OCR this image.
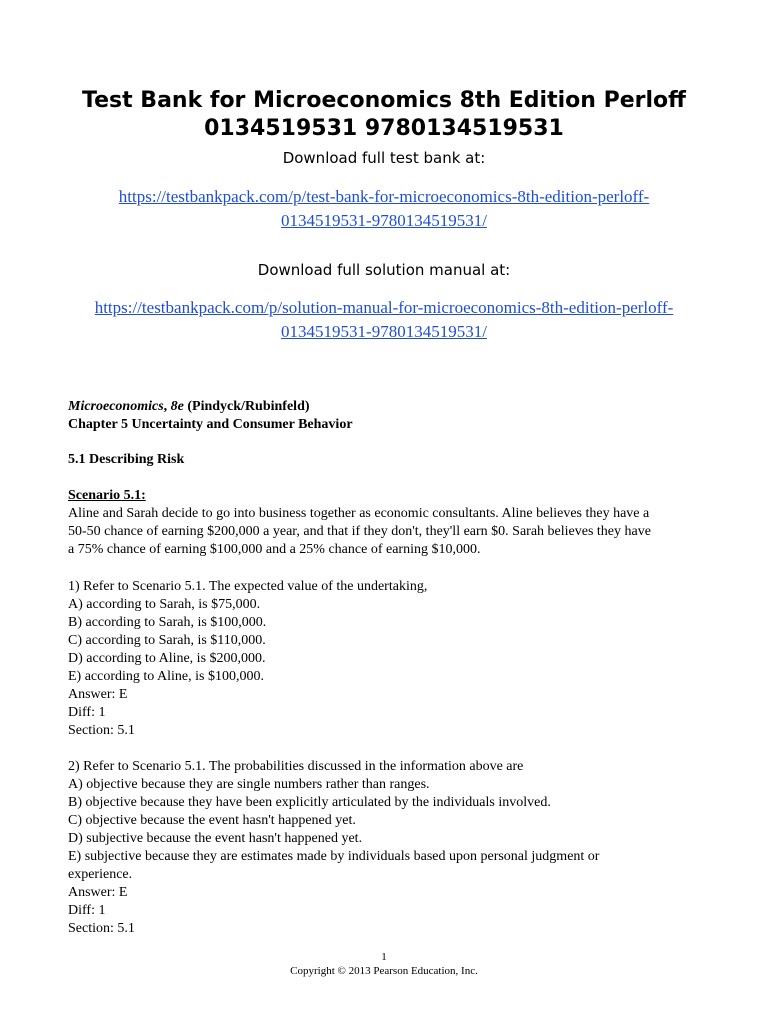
Test Bank for Microeconomics 8th Edition Perloff
0134519531 9780134519531
Download full test bank at:
https://testbankpack.com/p/test-bank-for-microeconomics-8th-edition-perloff-
0134519531-9780134519531/
Download full solution manual at:
https://testbankpack.com/p/solution-manual-for-microeconomics-8th-edition-perloff-
0134519531-9780134519531/
Microeconomics, 8e (Pindyck/Rubinfeld)
Chapter 5 Uncertainty and Consumer Behavior
5.1 Describing Risk
Scenario 5.1:
Aline and Sarah decide to go into business together as economic consultants. Aline believes they have a
50-50 chance of earning $200,000 a year, and that if they don't, they'll earn $0. Sarah believes they have
a 75% chance of earning $100,000 and a 25% chance of earning $10,000.
1) Refer to Scenario 5.1. The expected value of the undertaking,
A) according to Sarah, is $75,000.
B) according to Sarah, is $100,000.
C) according to Sarah, is $110,000.
D) according to Aline, is $200,000.
E) according to Aline, is $100,000.
Answer: E
Diff: 1
Section: 5.1
2) Refer to Scenario 5.1. The probabilities discussed in the information above are
A) objective because they are single numbers rather than ranges.
B) objective because they have been explicitly articulated by the individuals involved.
C) objective because the event hasn't happened yet.
D) subjective because the event hasn't happened yet.
E) subjective because they are estimates made by individuals based upon personal judgment or
experience.
Answer: E
Diff: 1
Section: 5.1
1
Copyright © 2013 Pearson Education, Inc.
